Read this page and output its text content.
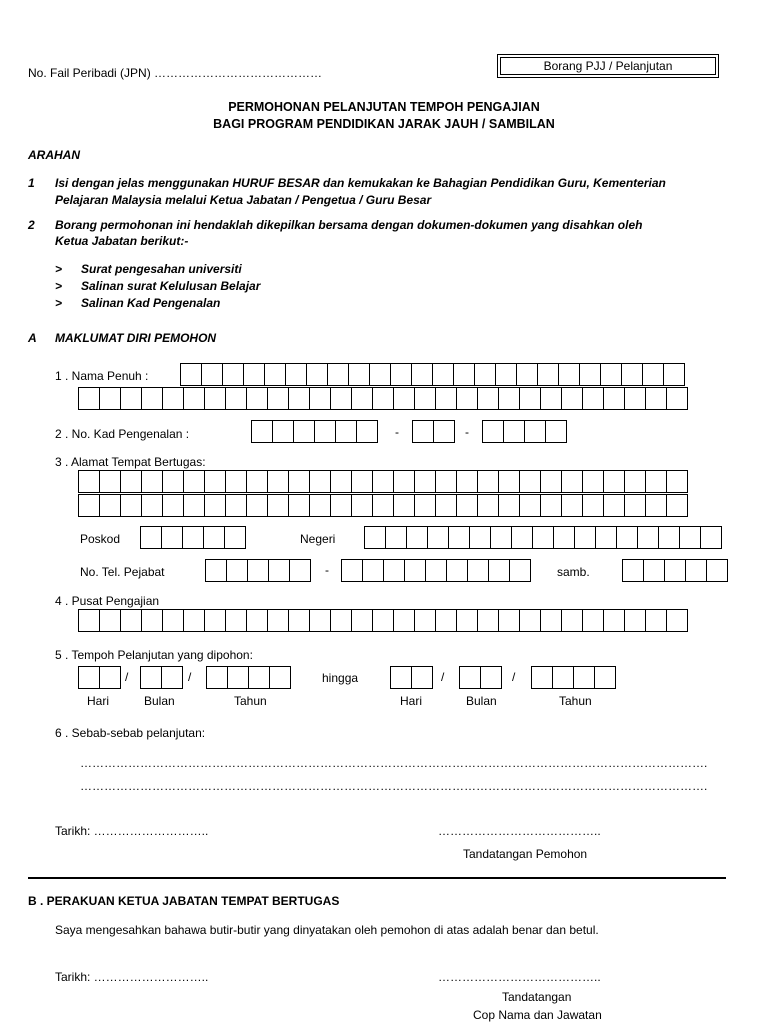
No. Fail Peribadi (JPN) ……………………………………	Borang PJJ / Pelanjutan
PERMOHONAN PELANJUTAN TEMPOH PENGAJIAN
BAGI PROGRAM PENDIDIKAN JARAK JAUH / SAMBILAN
ARAHAN
1 Isi dengan jelas menggunakan HURUF BESAR dan kemukakan ke Bahagian Pendidikan Guru, Kementerian
Pelajaran Malaysia melalui Ketua Jabatan / Pengetua / Guru Besar
2 Borang permohonan ini hendaklah dikepilkan bersama dengan dokumen-dokumen yang disahkan oleh
Ketua Jabatan berikut:-
> Surat pengesahan universiti
> Salinan surat Kelulusan Belajar
> Salinan Kad Pengenalan
A MAKLUMAT DIRI PEMOHON
1 . Nama Penuh :
2 . No. Kad Pengenalan :	-	-
3 . Alamat Tempat Bertugas:
Poskod	Negeri
No. Tel. Pejabat	-	samb.
4 . Pusat Pengajian
5 . Tempoh Pelanjutan yang dipohon:
/	/	hingga	/	/
Hari	Bulan	Tahun	Hari	Bulan	Tahun
6 . Sebab-sebab pelanjutan:
………………………………………………………………………………………………………………………………………….
………………………………………………………………………………………………………………………………………….
Tarikh: ………………………..	…………………………………..
Tandatangan Pemohon
B . PERAKUAN KETUA JABATAN TEMPAT BERTUGAS
Saya mengesahkan bahawa butir-butir yang dinyatakan oleh pemohon di atas adalah benar dan betul.
Tarikh: ………………………..	…………………………………..
Tandatangan
Cop Nama dan Jawatan
